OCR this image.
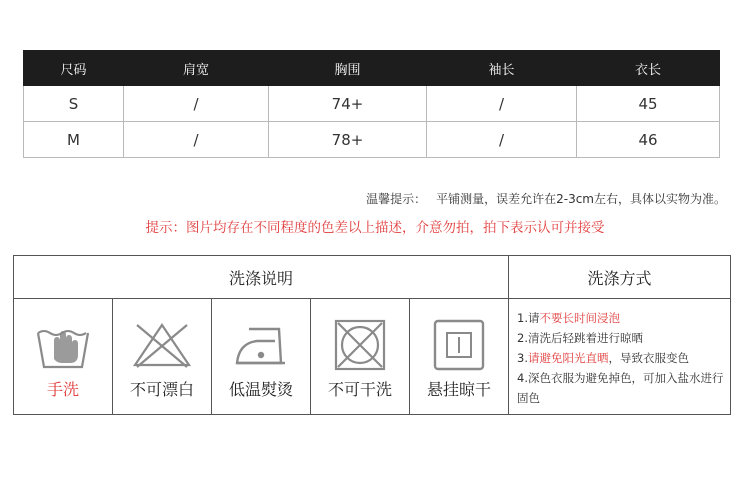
尺码	肩宽	胸围	袖长	衣长
S	/	74+	/	45
M	/	78+	/	46
温馨提示： 平铺测量，误差允许在2-3cm左右，具体以实物为准。
提示：图片均存在不同程度的色差以上描述，介意勿拍，拍下表示认可并接受
洗涤说明	洗涤方式
手洗	不可漂白	低温熨烫	不可干洗	悬挂晾干
1.请不要长时间浸泡
2.清洗后轻跳着进行晾晒
3.请避免阳光直晒，导致衣服变色
4.深色衣服为避免掉色，可加入盐水进行固色
